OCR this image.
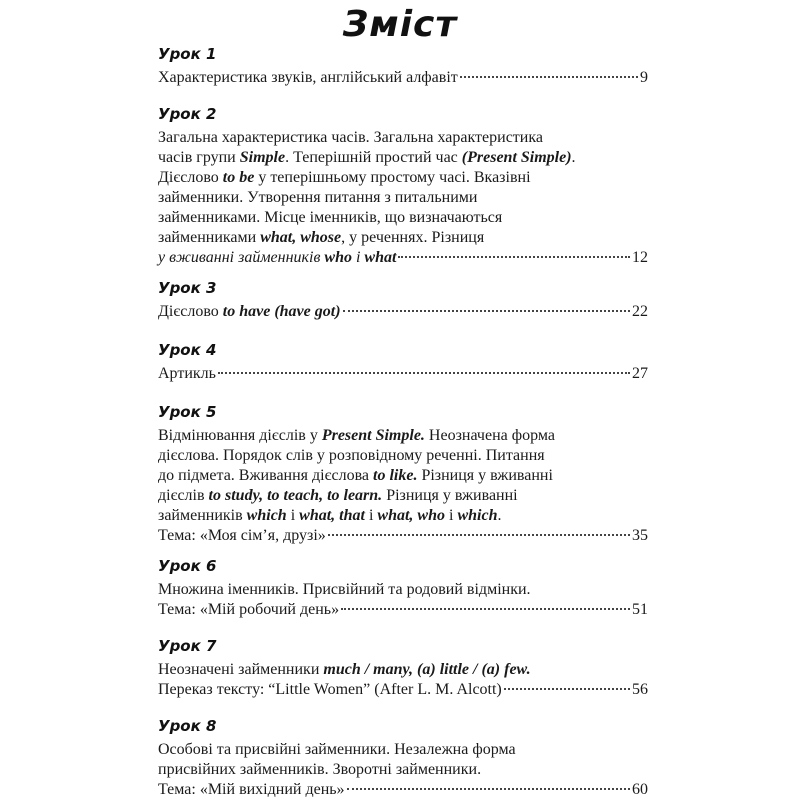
Зміст
Урок 1
Характеристика звуків, англійський алфавіт	9
Урок 2
Загальна характеристика часів. Загальна характеристика
часів групи Simple. Теперішній простий час (Present Simple).
Дієслово to be у теперішньому простому часі. Вказівні
займенники. Утворення питання з питальними
займенниками. Місце іменників, що визначаються
займенниками what, whose, у реченнях. Різниця
у вживанні займенників who і what	12
Урок 3
Дієслово to have (have got)	22
Урок 4
Артикль	27
Урок 5
Відмінювання дієслів у Present Simple. Неозначена форма
дієслова. Порядок слів у розповідному реченні. Питання
до підмета. Вживання дієслова to like. Різниця у вживанні
дієслів to study, to teach, to learn. Різниця у вживанні
займенників which і what, that і what, who і which.
Тема: «Моя сім’я, друзі»	35
Урок 6
Множина іменників. Присвійний та родовий відмінки.
Тема: «Мій робочий день»	51
Урок 7
Неозначені займенники much / many, (a) little / (a) few.
Переказ тексту: “Little Women” (After L. M. Alcott)	56
Урок 8
Особові та присвійні займенники. Незалежна форма
присвійних займенників. Зворотні займенники.
Тема: «Мій вихідний день»	60
